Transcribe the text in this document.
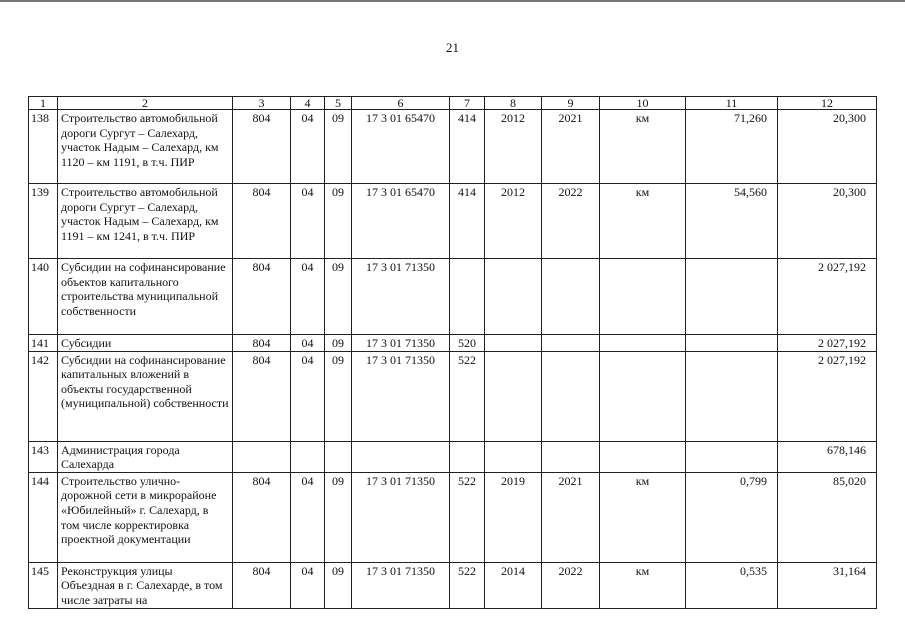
21
1	2	3	4	5	6	7	8	9	10	11	12
138	Строительство автомобильной дороги Сургут – Салехард, участок Надым – Салехард, км 1120 – км 1191, в т.ч. ПИР	804	04	09	17 3 01 65470	414	2012	2021	км	71,260	20,300
139	Строительство автомобильной дороги Сургут – Салехард, участок Надым – Салехард, км 1191 – км 1241, в т.ч. ПИР	804	04	09	17 3 01 65470	414	2012	2022	км	54,560	20,300
140	Субсидии на софинансирование объектов капитального строительства муниципальной собственности	804	04	09	17 3 01 71350						2 027,192
141	Субсидии	804	04	09	17 3 01 71350	520					2 027,192
142	Субсидии на софинансирование капитальных вложений в объекты государственной (муниципальной) собственности	804	04	09	17 3 01 71350	522					2 027,192
143	Администрация города Салехарда										678,146
144	Строительство улично-дорожной сети в микрорайоне «Юбилейный» г. Салехард, в том числе корректировка проектной документации	804	04	09	17 3 01 71350	522	2019	2021	км	0,799	85,020
145	Реконструкция улицы Объездная в г. Салехарде, в том числе затраты на	804	04	09	17 3 01 71350	522	2014	2022	км	0,535	31,164
